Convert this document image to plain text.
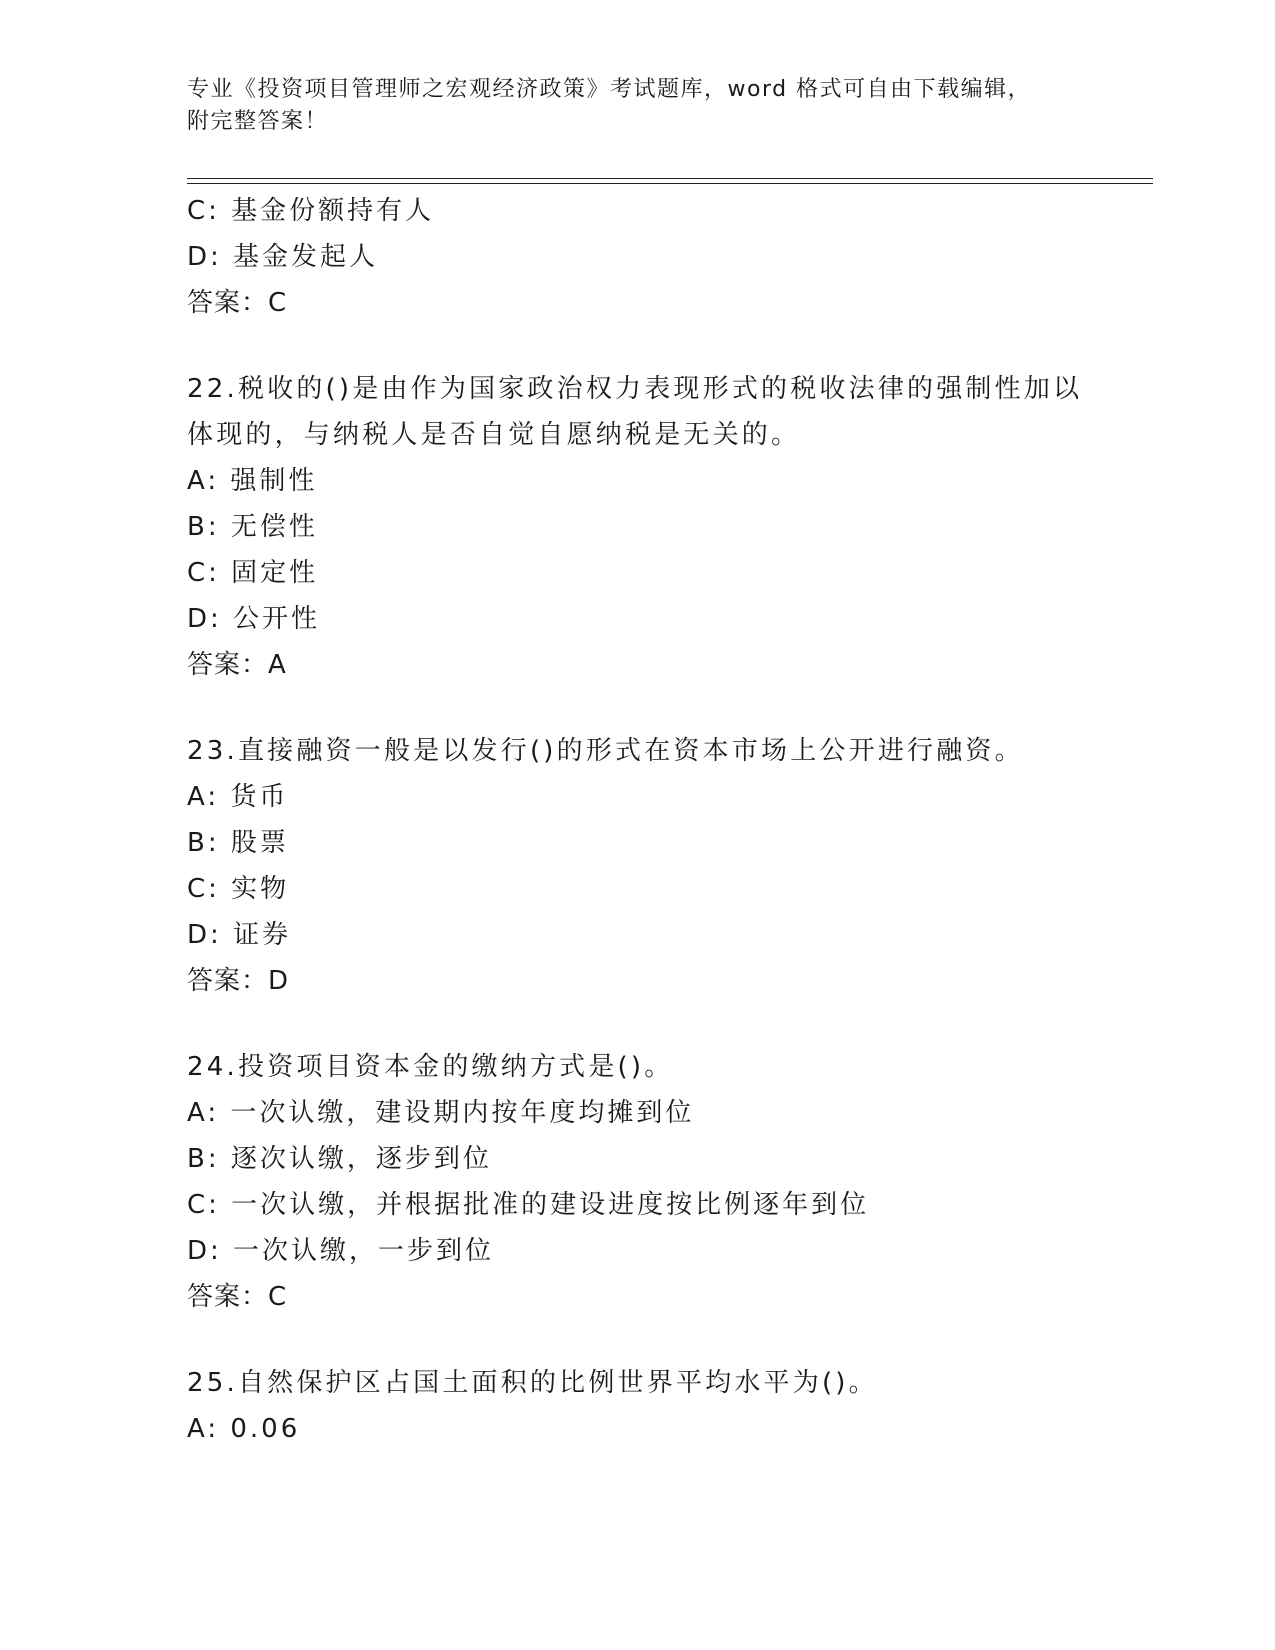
专业《投资项目管理师之宏观经济政策》考试题库，word 格式可自由下载编辑，
附完整答案！
C: 基金份额持有人
D: 基金发起人
答案：C
22.税收的()是由作为国家政治权力表现形式的税收法律的强制性加以
体现的，与纳税人是否自觉自愿纳税是无关的。
A: 强制性
B: 无偿性
C: 固定性
D: 公开性
答案：A
23.直接融资一般是以发行()的形式在资本市场上公开进行融资。
A: 货币
B: 股票
C: 实物
D: 证券
答案：D
24.投资项目资本金的缴纳方式是()。
A: 一次认缴，建设期内按年度均摊到位
B: 逐次认缴，逐步到位
C: 一次认缴，并根据批准的建设进度按比例逐年到位
D: 一次认缴，一步到位
答案：C
25.自然保护区占国土面积的比例世界平均水平为()。
A: 0.06
